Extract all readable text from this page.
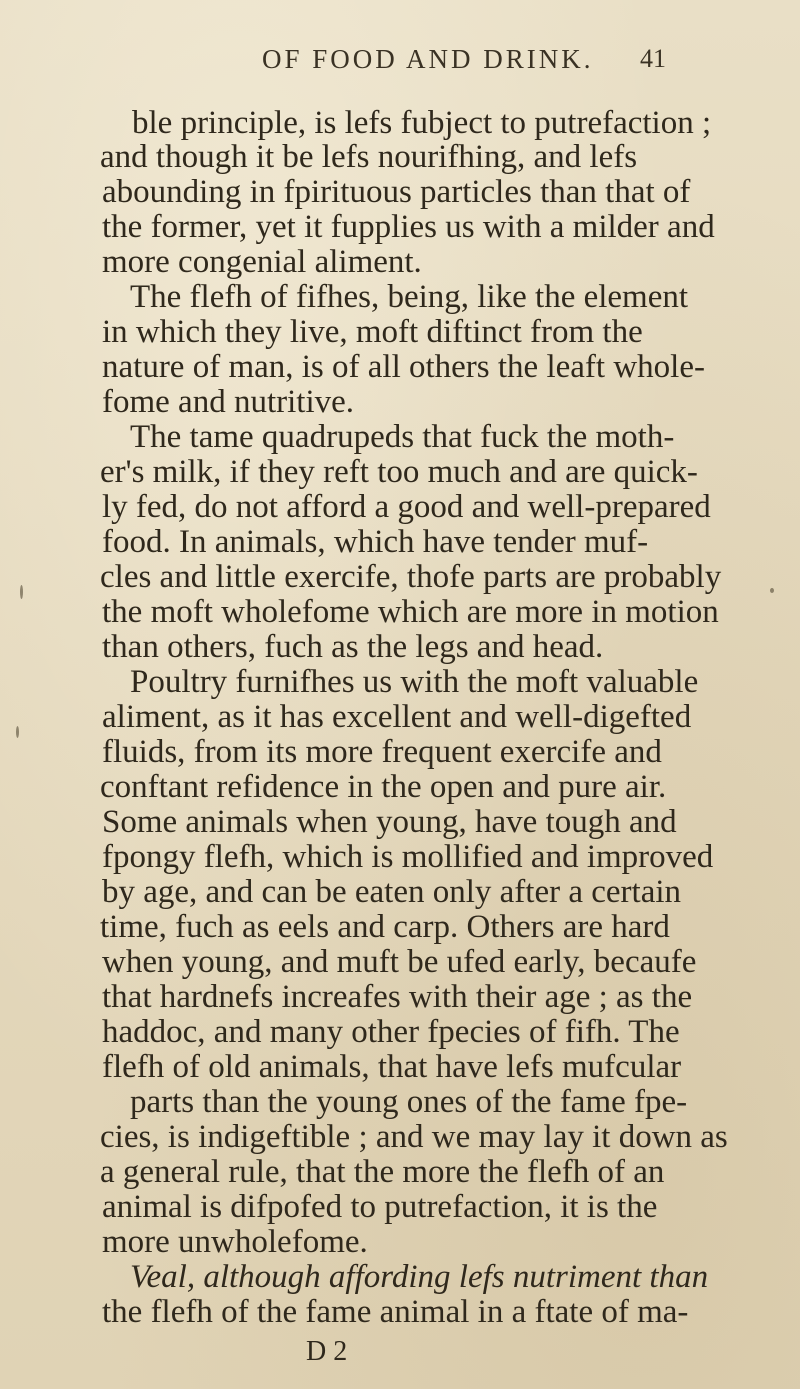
OF FOOD AND DRINK. 41
ble principle, is lefs fubject to putrefaction ;
and though it be lefs nourifhing, and lefs
abounding in fpirituous particles than that of
the former, yet it fupplies us with a milder and
more congenial aliment.
The flefh of fifhes, being, like the element
in which they live, moft diftinct from the
nature of man, is of all others the leaft whole-
fome and nutritive.
The tame quadrupeds that fuck the moth-
er's milk, if they reft too much and are quick-
ly fed, do not afford a good and well-prepared
food. In animals, which have tender muf-
cles and little exercife, thofe parts are probably
the moft wholefome which are more in motion
than others, fuch as the legs and head.
Poultry furnifhes us with the moft valuable
aliment, as it has excellent and well-digefted
fluids, from its more frequent exercife and
conftant refidence in the open and pure air.
Some animals when young, have tough and
fpongy flefh, which is mollified and improved
by age, and can be eaten only after a certain
time, fuch as eels and carp. Others are hard
when young, and muft be ufed early, becaufe
that hardnefs increafes with their age ; as the
haddoc, and many other fpecies of fifh. The
flefh of old animals, that have lefs mufcular
parts than the young ones of the fame fpe-
cies, is indigeftible ; and we may lay it down as
a general rule, that the more the flefh of an
animal is difpofed to putrefaction, it is the
more unwholefome.
Veal, although affording lefs nutriment than
the flefh of the fame animal in a ftate of ma-
D 2
